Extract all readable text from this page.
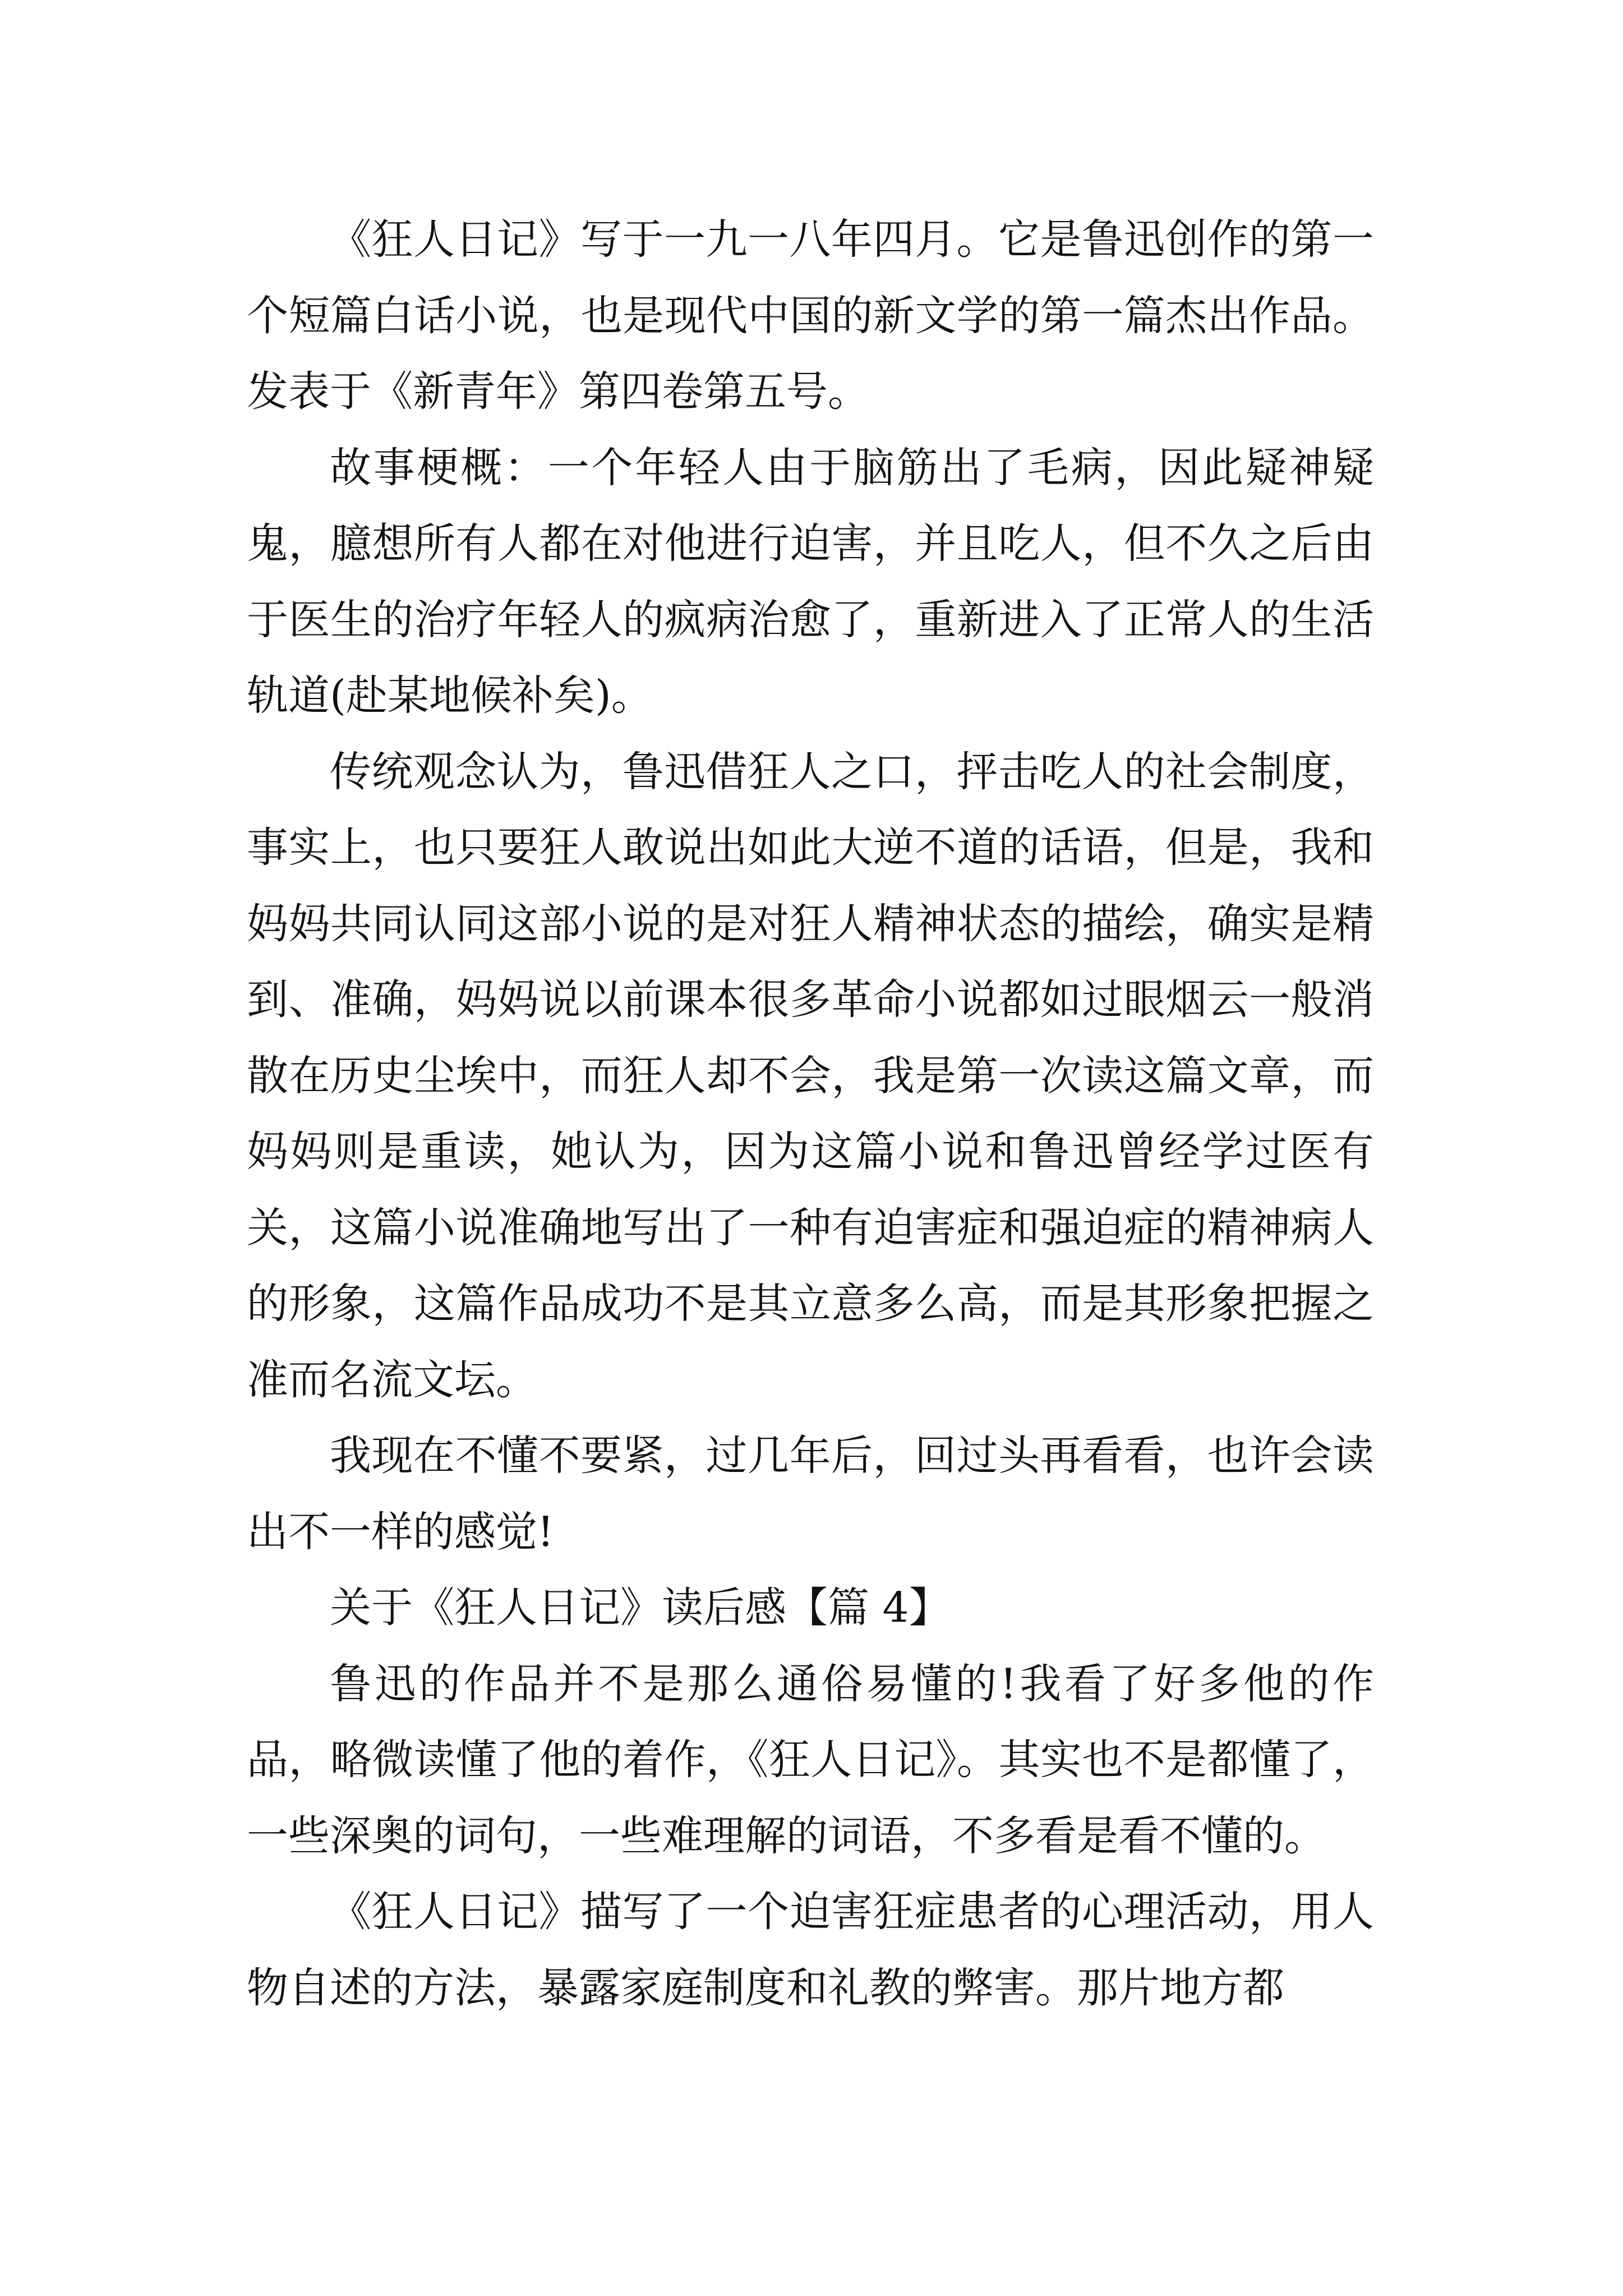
《狂人日记》写于一九一八年四月。它是鲁迅创作的第一个短篇白话小说，也是现代中国的新文学的第一篇杰出作品。发表于《新青年》第四卷第五号。

故事梗概：一个年轻人由于脑筋出了毛病，因此疑神疑鬼，臆想所有人都在对他进行迫害，并且吃人，但不久之后由于医生的治疗年轻人的疯病治愈了，重新进入了正常人的生活轨道(赴某地候补矣)。

传统观念认为，鲁迅借狂人之口，抨击吃人的社会制度，事实上，也只要狂人敢说出如此大逆不道的话语，但是，我和妈妈共同认同这部小说的是对狂人精神状态的描绘，确实是精到、准确，妈妈说以前课本很多革命小说都如过眼烟云一般消散在历史尘埃中，而狂人却不会，我是第一次读这篇文章，而妈妈则是重读，她认为，因为这篇小说和鲁迅曾经学过医有关，这篇小说准确地写出了一种有迫害症和强迫症的精神病人的形象，这篇作品成功不是其立意多么高，而是其形象把握之准而名流文坛。

我现在不懂不要紧，过几年后，回过头再看看，也许会读出不一样的感觉!

关于《狂人日记》读后感【篇 4】

鲁迅的作品并不是那么通俗易懂的!我看了好多他的作品，略微读懂了他的着作，《狂人日记》。其实也不是都懂了，一些深奥的词句，一些难理解的词语，不多看是看不懂的。

《狂人日记》描写了一个迫害狂症患者的心理活动，用人物自述的方法，暴露家庭制度和礼教的弊害。那片地方都
